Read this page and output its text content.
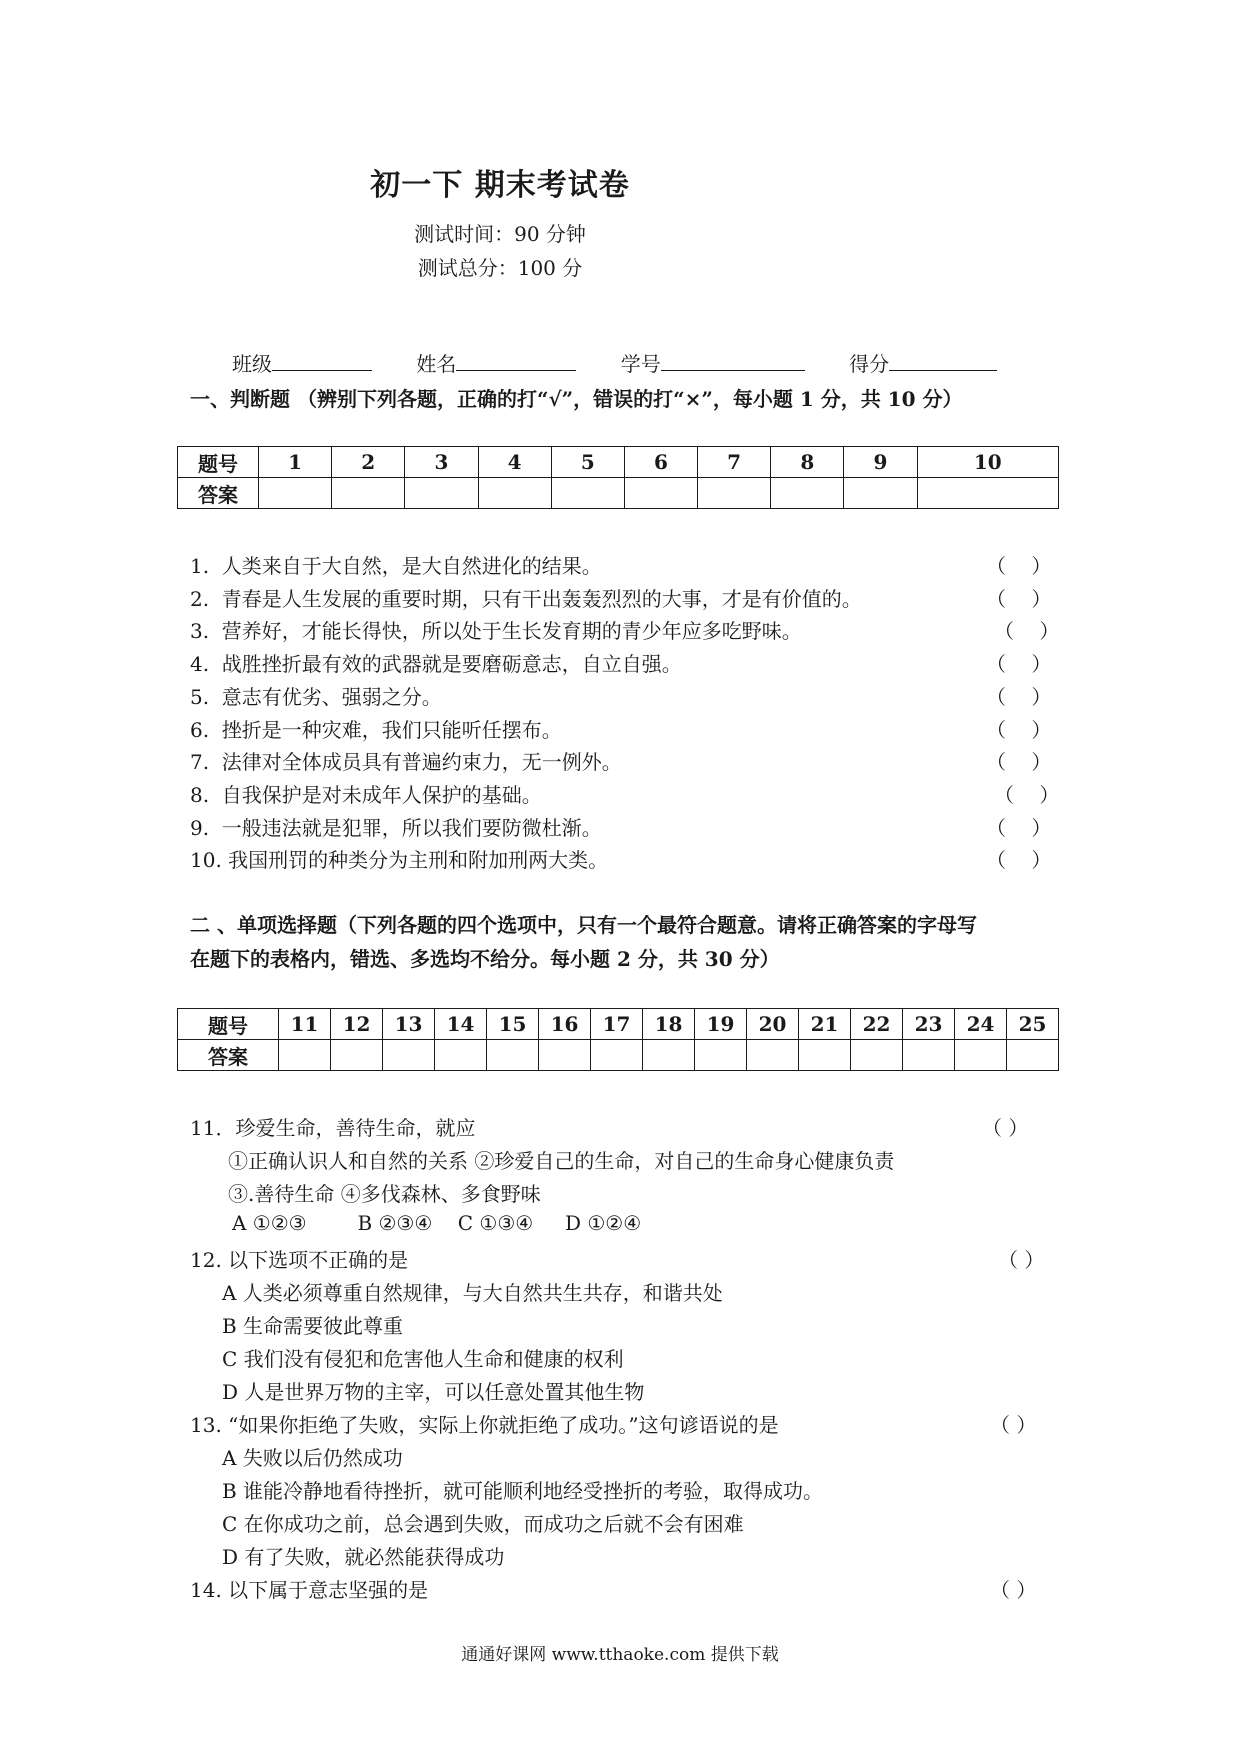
初一下 期末考试卷
测试时间：90 分钟
测试总分：100 分
班级	姓名	学号	得分
一、判断题 （辨别下列各题，正确的打“√”，错误的打“×”，每小题 1 分，共 10 分）
题号	1	2	3	4	5	6	7	8	9	10
答案										
1.  人类来自于大自然，是大自然进化的结果。	（    ）
2.  青春是人生发展的重要时期，只有干出轰轰烈烈的大事，才是有价值的。	（    ）
3.  营养好，才能长得快，所以处于生长发育期的青少年应多吃野味。	（    ）
4.  战胜挫折最有效的武器就是要磨砺意志，自立自强。	（    ）
5.  意志有优劣、强弱之分。	（    ）
6.  挫折是一种灾难，我们只能听任摆布。	（    ）
7.  法律对全体成员具有普遍约束力，无一例外。	（    ）
8.  自我保护是对未成年人保护的基础。	（    ）
9.  一般违法就是犯罪，所以我们要防微杜渐。	（    ）
10. 我国刑罚的种类分为主刑和附加刑两大类。	（    ）
二 、单项选择题（下列各题的四个选项中，只有一个最符合题意。请将正确答案的字母写
在题下的表格内，错选、多选均不给分。每小题 2 分，共 30 分）
题号	11	12	13	14	15	16	17	18	19	20	21	22	23	24	25
答案															
11．珍爱生命，善待生命，就应	（ ）
①正确认识人和自然的关系 ②珍爱自己的生命，对自己的生命身心健康负责
③.善待生命 ④多伐森林、多食野味
A ①②③        B ②③④    C ①③④     D ①②④
12. 以下选项不正确的是	（ ）
A 人类必须尊重自然规律，与大自然共生共存，和谐共处
B 生命需要彼此尊重
C 我们没有侵犯和危害他人生命和健康的权利
D 人是世界万物的主宰，可以任意处置其他生物
13. “如果你拒绝了失败，实际上你就拒绝了成功。”这句谚语说的是	（ ）
A 失败以后仍然成功
B 谁能冷静地看待挫折，就可能顺利地经受挫折的考验，取得成功。
C 在你成功之前，总会遇到失败，而成功之后就不会有困难
D 有了失败，就必然能获得成功
14. 以下属于意志坚强的是	（ ）
通通好课网 www.tthaoke.com 提供下载
